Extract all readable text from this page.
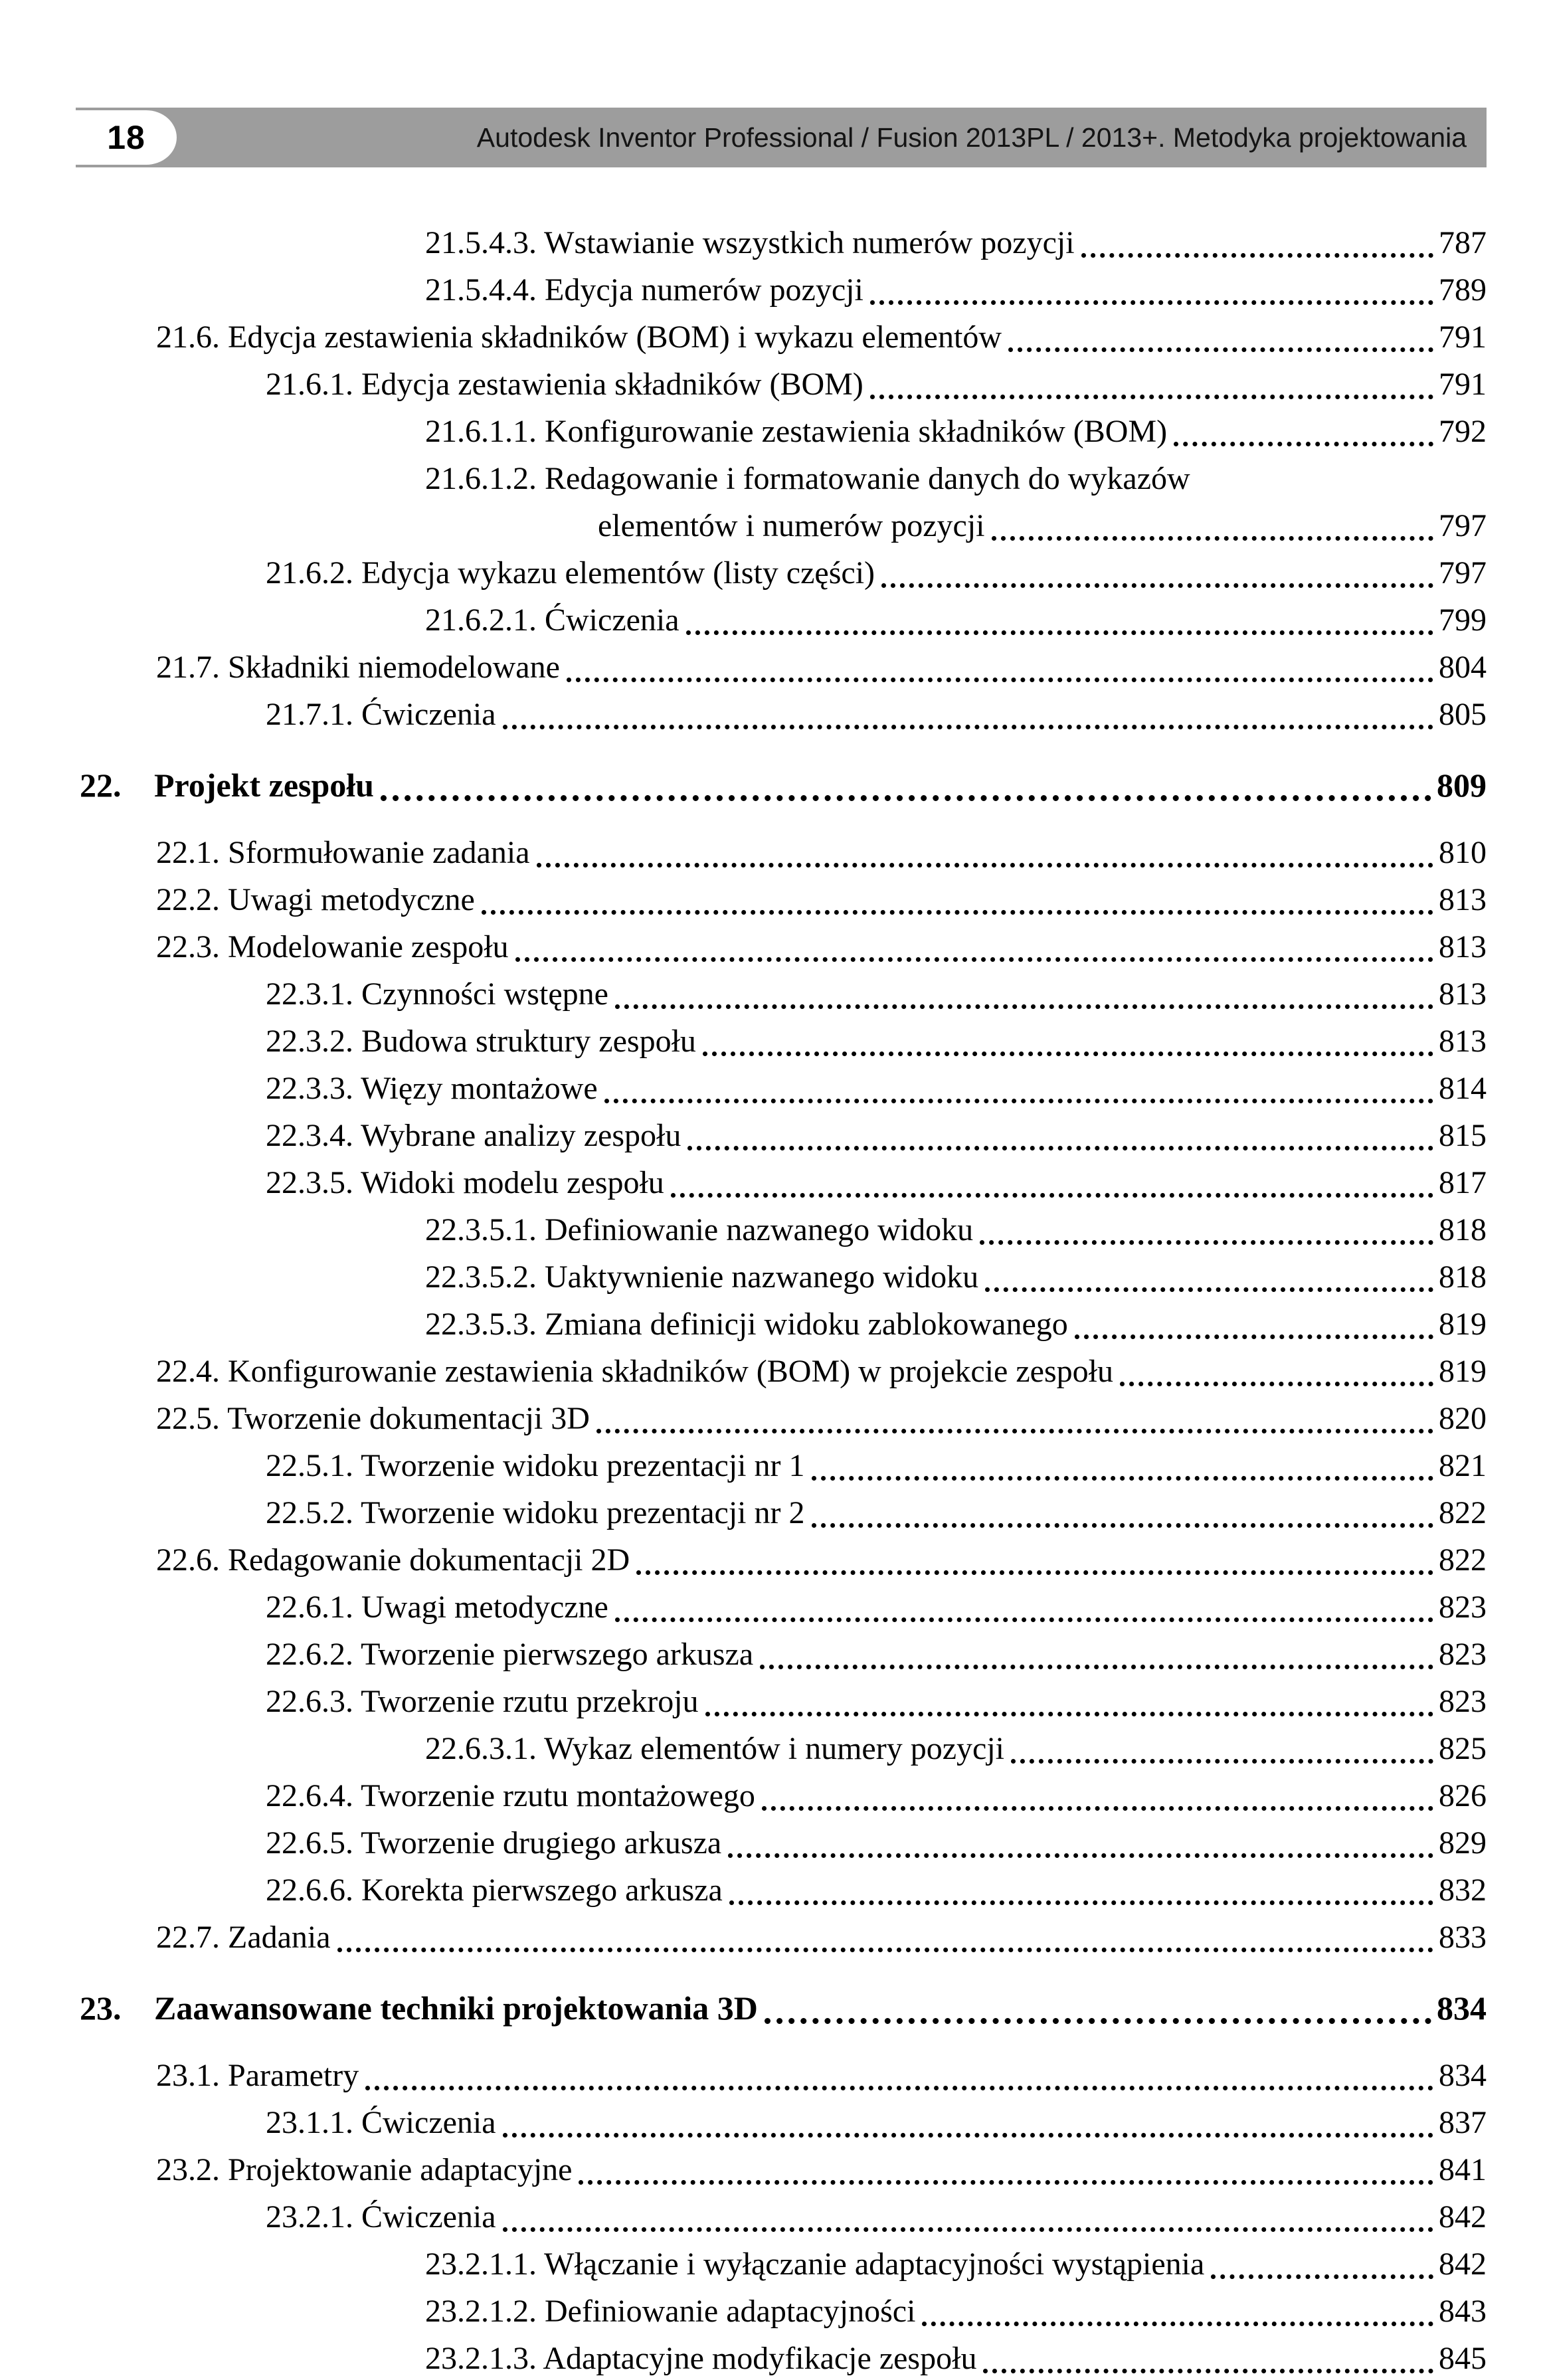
18	Autodesk Inventor Professional / Fusion 2013PL / 2013+. Metodyka projektowania
21.5.4.3. Wstawianie wszystkich numerów pozycji	787
21.5.4.4. Edycja numerów pozycji	789
21.6. Edycja zestawienia składników (BOM) i wykazu elementów	791
21.6.1. Edycja zestawienia składników (BOM)	791
21.6.1.1. Konfigurowanie zestawienia składników (BOM)	792
21.6.1.2. Redagowanie i formatowanie danych do wykazów
elementów i numerów pozycji	797
21.6.2. Edycja wykazu elementów (listy części)	797
21.6.2.1. Ćwiczenia	799
21.7. Składniki niemodelowane	804
21.7.1. Ćwiczenia	805
22. Projekt zespołu	809
22.1. Sformułowanie zadania	810
22.2. Uwagi metodyczne	813
22.3. Modelowanie zespołu	813
22.3.1. Czynności wstępne	813
22.3.2. Budowa struktury zespołu	813
22.3.3. Więzy montażowe	814
22.3.4. Wybrane analizy zespołu	815
22.3.5. Widoki modelu zespołu	817
22.3.5.1. Definiowanie nazwanego widoku	818
22.3.5.2. Uaktywnienie nazwanego widoku	818
22.3.5.3. Zmiana definicji widoku zablokowanego	819
22.4. Konfigurowanie zestawienia składników (BOM) w projekcie zespołu	819
22.5. Tworzenie dokumentacji 3D	820
22.5.1. Tworzenie widoku prezentacji nr 1	821
22.5.2. Tworzenie widoku prezentacji nr 2	822
22.6. Redagowanie dokumentacji 2D	822
22.6.1. Uwagi metodyczne	823
22.6.2. Tworzenie pierwszego arkusza	823
22.6.3. Tworzenie rzutu przekroju	823
22.6.3.1. Wykaz elementów i numery pozycji	825
22.6.4. Tworzenie rzutu montażowego	826
22.6.5. Tworzenie drugiego arkusza	829
22.6.6. Korekta pierwszego arkusza	832
22.7. Zadania	833
23. Zaawansowane techniki projektowania 3D	834
23.1. Parametry	834
23.1.1. Ćwiczenia	837
23.2. Projektowanie adaptacyjne	841
23.2.1. Ćwiczenia	842
23.2.1.1. Włączanie i wyłączanie adaptacyjności wystąpienia	842
23.2.1.2. Definiowanie adaptacyjności	843
23.2.1.3. Adaptacyjne modyfikacje zespołu	845
